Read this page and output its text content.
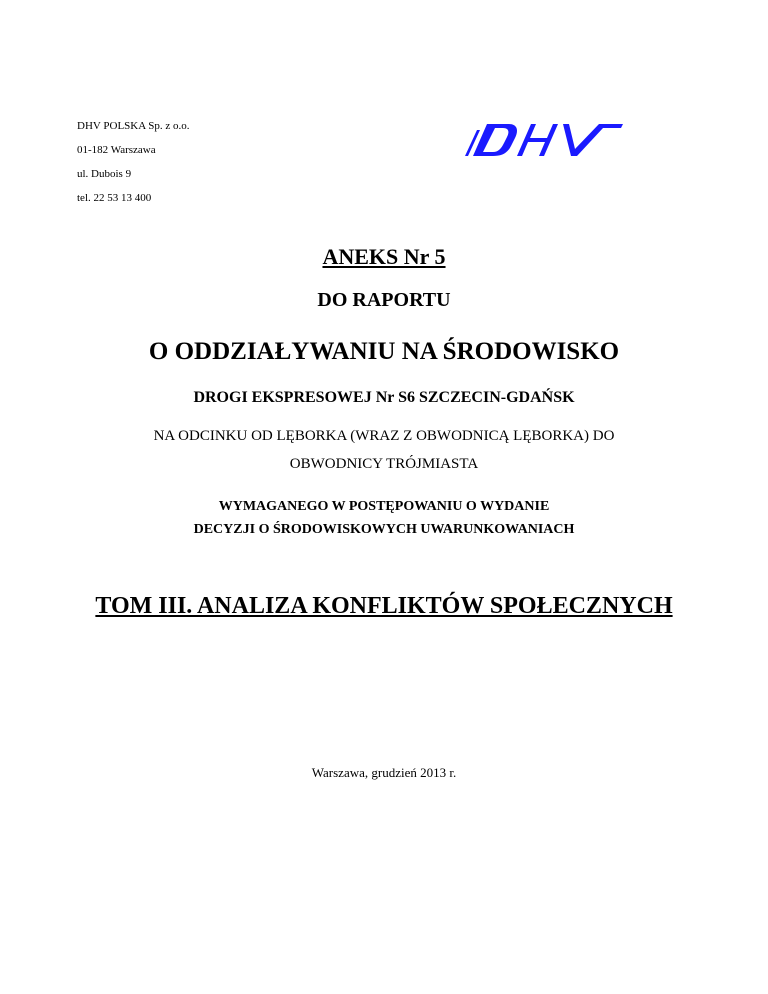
DHV POLSKA Sp. z o.o.
01-182 Warszawa
ul. Dubois 9
tel. 22 53 13 400
ANEKS Nr 5
DO RAPORTU
O ODDZIAŁYWANIU NA ŚRODOWISKO
DROGI EKSPRESOWEJ Nr S6 SZCZECIN-GDAŃSK
NA ODCINKU OD LĘBORKA (WRAZ Z OBWODNICĄ LĘBORKA) DO
OBWODNICY TRÓJMIASTA
WYMAGANEGO W POSTĘPOWANIU O WYDANIE
DECYZJI O ŚRODOWISKOWYCH UWARUNKOWANIACH
TOM III. ANALIZA KONFLIKTÓW SPOŁECZNYCH
Warszawa, grudzień 2013 r.
